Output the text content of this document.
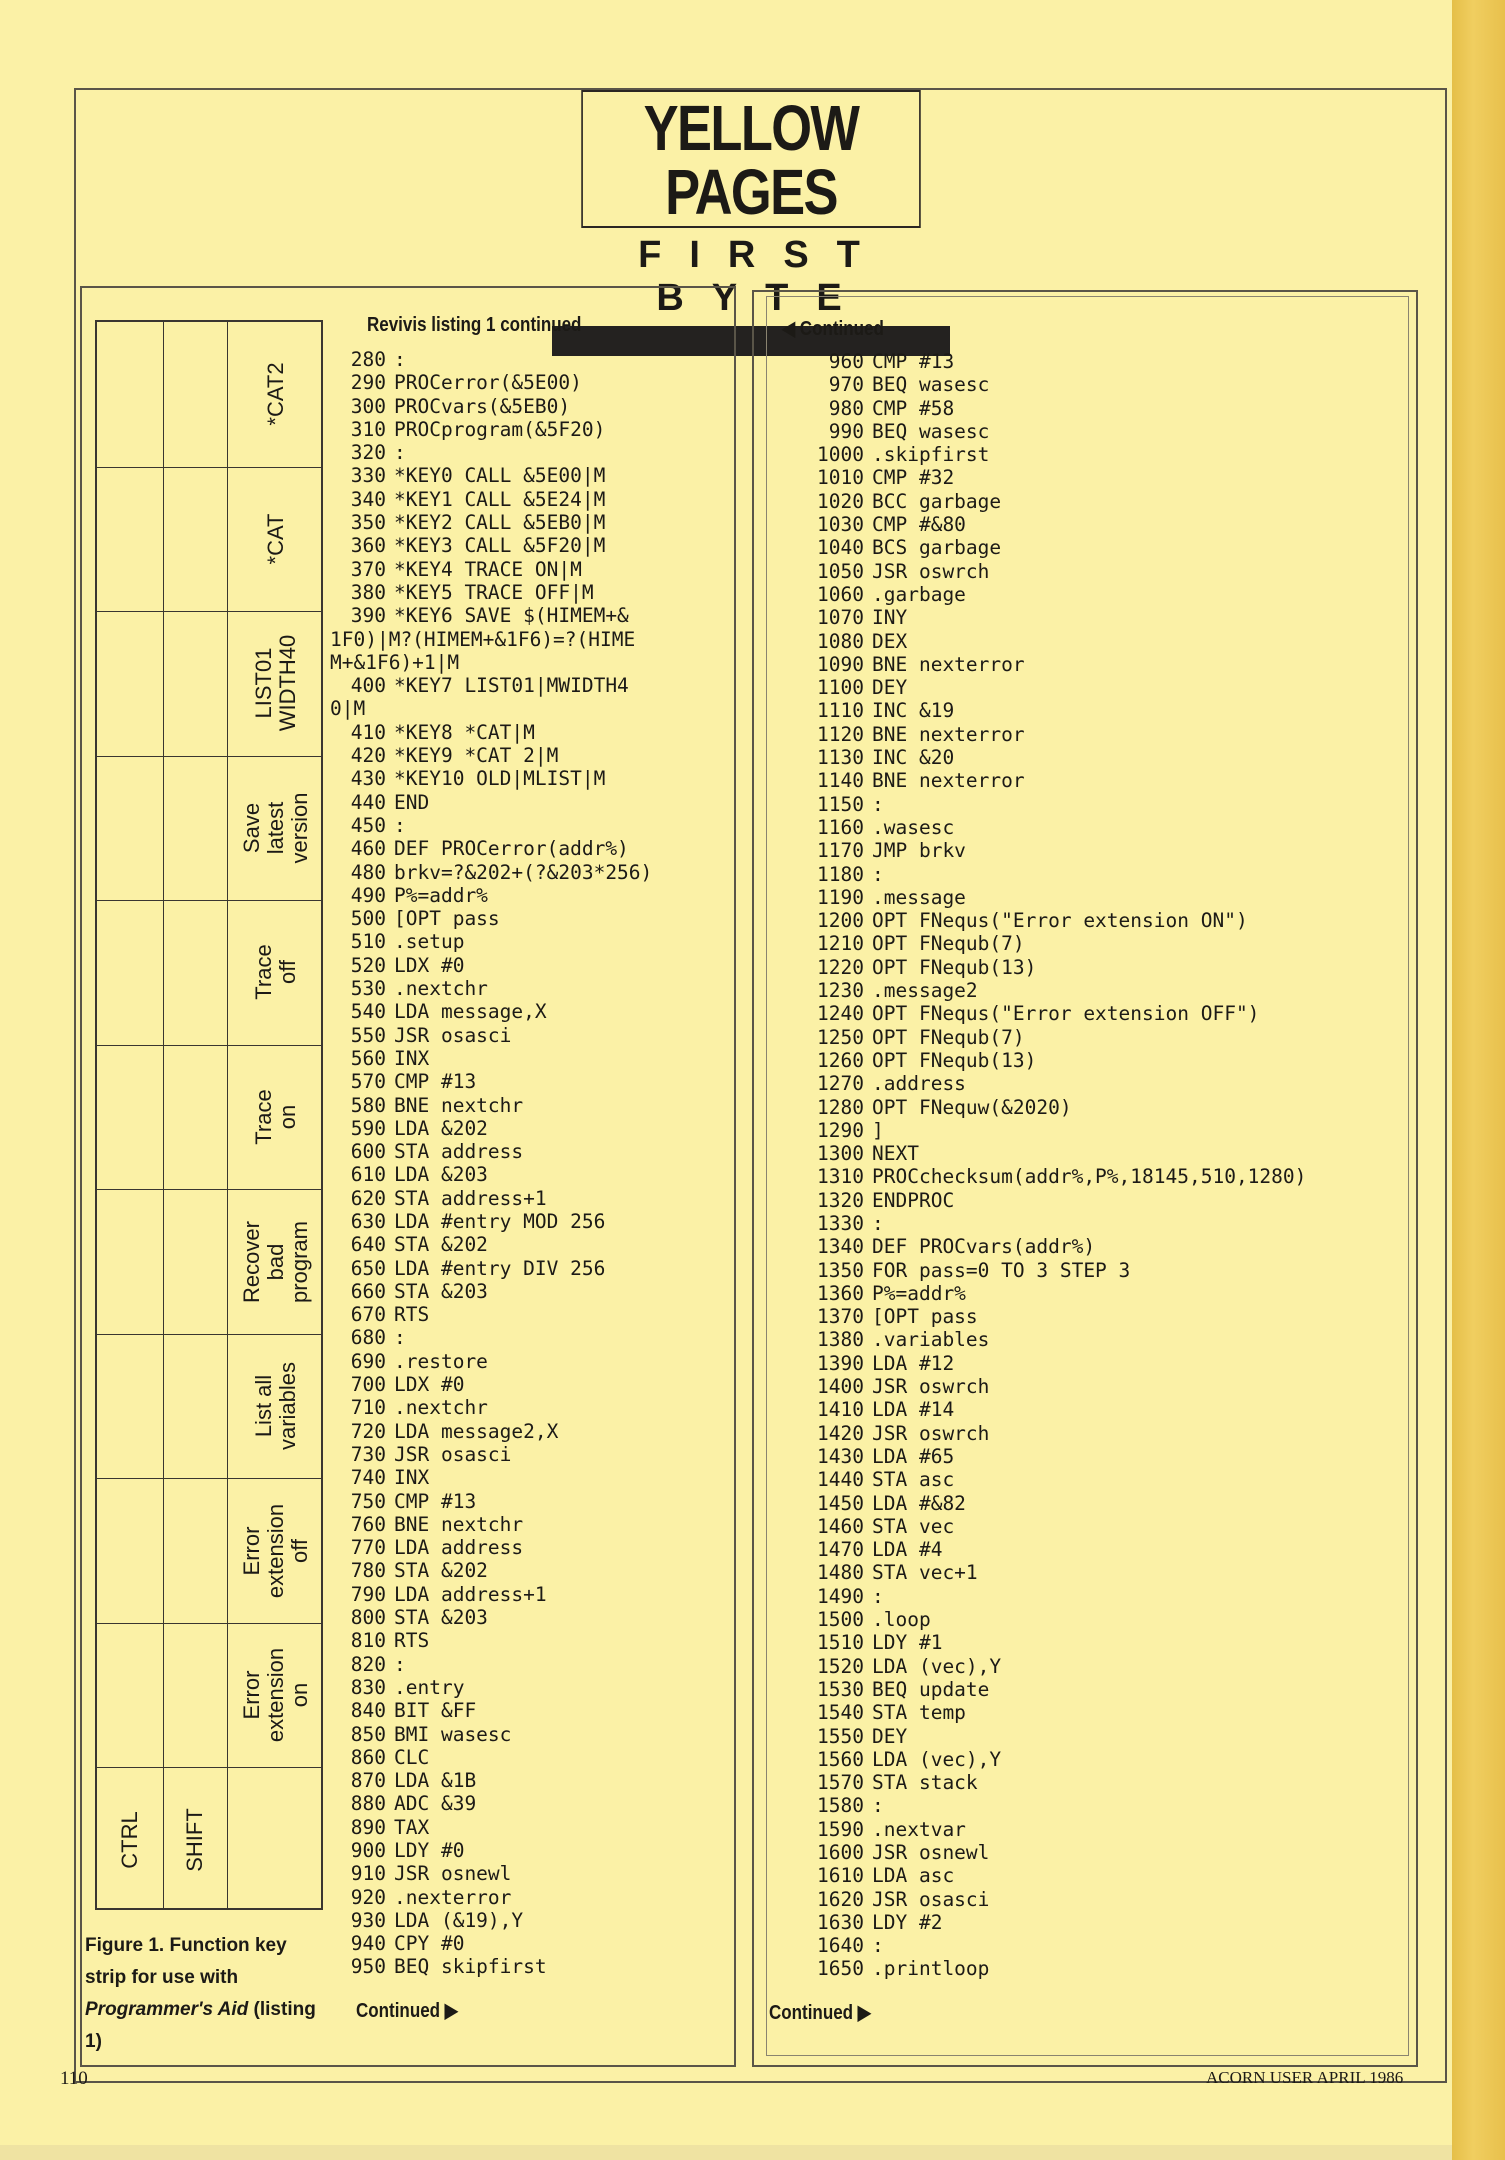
YELLOW PAGES
FIRST BYTE
*CAT2
*CAT
LIST01
WIDTH40
Save
latest
version
Trace
off
Trace
on
Recover
bad
program
List all
variables
Error
extension
off
Error
extension
on
CTRL SHIFT
Figure 1. Function key strip for use with Programmer's Aid (listing 1)
Revivis listing 1 continued
280 :
290 PROCerror(&5E00)
300 PROCvars(&5EB0)
310 PROCprogram(&5F20)
320 :
330 *KEY0 CALL &5E00|M
340 *KEY1 CALL &5E24|M
350 *KEY2 CALL &5EB0|M
360 *KEY3 CALL &5F20|M
370 *KEY4 TRACE ON|M
380 *KEY5 TRACE OFF|M
390 *KEY6 SAVE $(HIMEM+&
1F0)|M?(HIMEM+&1F6)=?(HIME
M+&1F6)+1|M
400 *KEY7 LIST01|MWIDTH4
0|M
410 *KEY8 *CAT|M
420 *KEY9 *CAT 2|M
430 *KEY10 OLD|MLIST|M
440 END
450 :
460 DEF PROCerror(addr%)
480 brkv=?&202+(?&203*256)
490 P%=addr%
500 [OPT pass
510 .setup
520 LDX #0
530 .nextchr
540 LDA message,X
550 JSR osasci
560 INX
570 CMP #13
580 BNE nextchr
590 LDA &202
600 STA address
610 LDA &203
620 STA address+1
630 LDA #entry MOD 256
640 STA &202
650 LDA #entry DIV 256
660 STA &203
670 RTS
680 :
690 .restore
700 LDX #0
710 .nextchr
720 LDA message2,X
730 JSR osasci
740 INX
750 CMP #13
760 BNE nextchr
770 LDA address
780 STA &202
790 LDA address+1
800 STA &203
810 RTS
820 :
830 .entry
840 BIT &FF
850 BMI wasesc
860 CLC
870 LDA &1B
880 ADC &39
890 TAX
900 LDY #0
910 JSR osnewl
920 .nexterror
930 LDA (&19),Y
940 CPY #0
950 BEQ skipfirst
Continued ▶
◀ Continued
960 CMP #13
970 BEQ wasesc
980 CMP #58
990 BEQ wasesc
1000 .skipfirst
1010 CMP #32
1020 BCC garbage
1030 CMP #&80
1040 BCS garbage
1050 JSR oswrch
1060 .garbage
1070 INY
1080 DEX
1090 BNE nexterror
1100 DEY
1110 INC &19
1120 BNE nexterror
1130 INC &20
1140 BNE nexterror
1150 :
1160 .wasesc
1170 JMP brkv
1180 :
1190 .message
1200 OPT FNequs("Error extension ON")
1210 OPT FNequb(7)
1220 OPT FNequb(13)
1230 .message2
1240 OPT FNequs("Error extension OFF")
1250 OPT FNequb(7)
1260 OPT FNequb(13)
1270 .address
1280 OPT FNequw(&2020)
1290 ]
1300 NEXT
1310 PROCchecksum(addr%,P%,18145,510,1280)
1320 ENDPROC
1330 :
1340 DEF PROCvars(addr%)
1350 FOR pass=0 TO 3 STEP 3
1360 P%=addr%
1370 [OPT pass
1380 .variables
1390 LDA #12
1400 JSR oswrch
1410 LDA #14
1420 JSR oswrch
1430 LDA #65
1440 STA asc
1450 LDA #&82
1460 STA vec
1470 LDA #4
1480 STA vec+1
1490 :
1500 .loop
1510 LDY #1
1520 LDA (vec),Y
1530 BEQ update
1540 STA temp
1550 DEY
1560 LDA (vec),Y
1570 STA stack
1580 :
1590 .nextvar
1600 JSR osnewl
1610 LDA asc
1620 JSR osasci
1630 LDY #2
1640 :
1650 .printloop
Continued ▶
110	ACORN USER APRIL 1986
